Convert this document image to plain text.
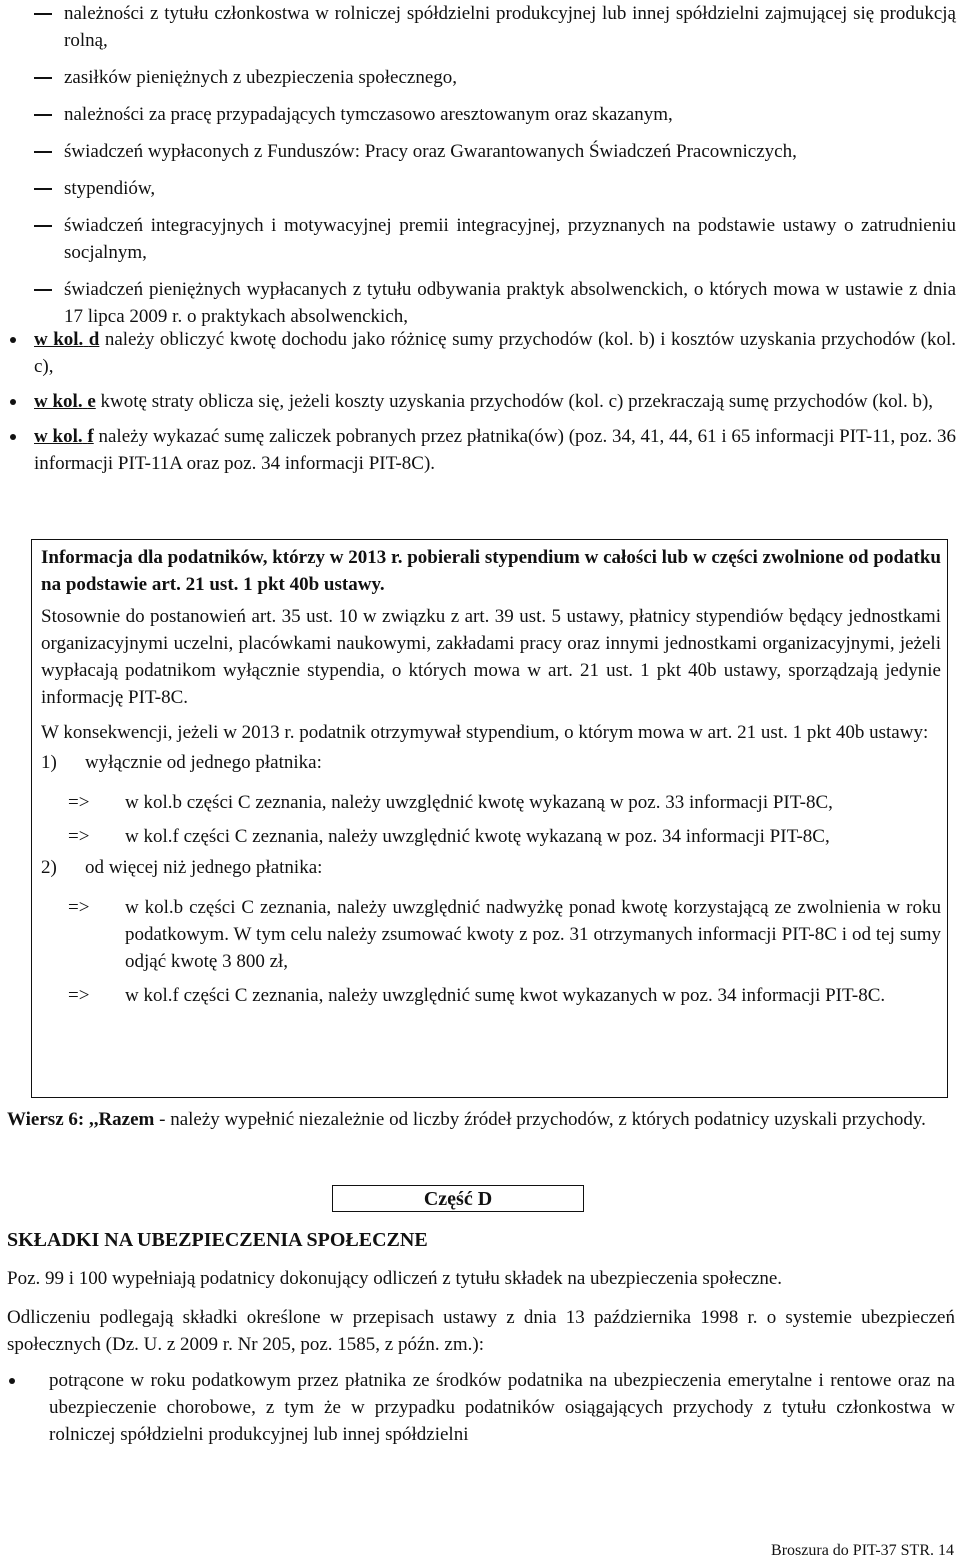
należności z tytułu członkostwa w rolniczej spółdzielni produkcyjnej lub innej spółdzielni zajmującej się produkcją rolną,
zasiłków pieniężnych z ubezpieczenia społecznego,
należności za pracę przypadających tymczasowo aresztowanym oraz skazanym,
świadczeń wypłaconych z Funduszów: Pracy oraz Gwarantowanych Świadczeń Pracowniczych,
stypendiów,
świadczeń integracyjnych i motywacyjnej premii integracyjnej, przyznanych na podstawie ustawy o zatrudnieniu socjalnym,
świadczeń pieniężnych wypłacanych z tytułu odbywania praktyk absolwenckich, o których mowa w ustawie z dnia 17 lipca 2009 r. o praktykach absolwenckich,
w kol. d należy obliczyć kwotę dochodu jako różnicę sumy przychodów (kol. b) i kosztów uzyskania przychodów (kol. c),
w kol. e kwotę straty oblicza się, jeżeli koszty uzyskania przychodów (kol. c) przekraczają sumę przychodów (kol. b),
w kol. f należy wykazać sumę zaliczek pobranych przez płatnika(ów) (poz. 34, 41, 44, 61 i 65 informacji PIT-11, poz. 36 informacji PIT-11A oraz poz. 34 informacji PIT-8C).

Informacja dla podatników, którzy w 2013 r. pobierali stypendium w całości lub w części zwolnione od podatku na podstawie art. 21 ust. 1 pkt 40b ustawy.

Stosownie do postanowień art. 35 ust. 10 w związku z art. 39 ust. 5 ustawy, płatnicy stypendiów będący jednostkami organizacyjnymi uczelni, placówkami naukowymi, zakładami pracy oraz innymi jednostkami organizacyjnymi, jeżeli wypłacają podatnikom wyłącznie stypendia, o których mowa w art. 21 ust. 1 pkt 40b ustawy, sporządzają jedynie informację PIT-8C.

W konsekwencji, jeżeli w 2013 r. podatnik otrzymywał stypendium, o którym mowa w art. 21 ust. 1 pkt 40b ustawy:

1) wyłącznie od jednego płatnika:
=> w kol.b części C zeznania, należy uwzględnić kwotę wykazaną w poz. 33 informacji PIT-8C,
=> w kol.f części C zeznania, należy uwzględnić kwotę wykazaną w poz. 34 informacji PIT-8C,
2) od więcej niż jednego płatnika:
=> w kol.b części C zeznania, należy uwzględnić nadwyżkę ponad kwotę korzystającą ze zwolnienia w roku podatkowym. W tym celu należy zsumować kwoty z poz. 31 otrzymanych informacji PIT-8C i od tej sumy odjąć kwotę 3 800 zł,
=> w kol.f części C zeznania, należy uwzględnić sumę kwot wykazanych w poz. 34 informacji PIT-8C.

Wiersz 6: ,,Razem - należy wypełnić niezależnie od liczby źródeł przychodów, z których podatnicy uzyskali przychody.

Część D
SKŁADKI NA UBEZPIECZENIA SPOŁECZNE

Poz. 99 i 100 wypełniają podatnicy dokonujący odliczeń z tytułu składek na ubezpieczenia społeczne.

Odliczeniu podlegają składki określone w przepisach ustawy z dnia 13 października 1998 r. o systemie ubezpieczeń społecznych (Dz. U. z 2009 r. Nr 205, poz. 1585, z późn. zm.):

potrącone w roku podatkowym przez płatnika ze środków podatnika na ubezpieczenia emerytalne i rentowe oraz na ubezpieczenie chorobowe, z tym że w przypadku podatników osiągających przychody z tytułu członkostwa w rolniczej spółdzielni produkcyjnej lub innej spółdzielni
Broszura do PIT-37 STR. 14
